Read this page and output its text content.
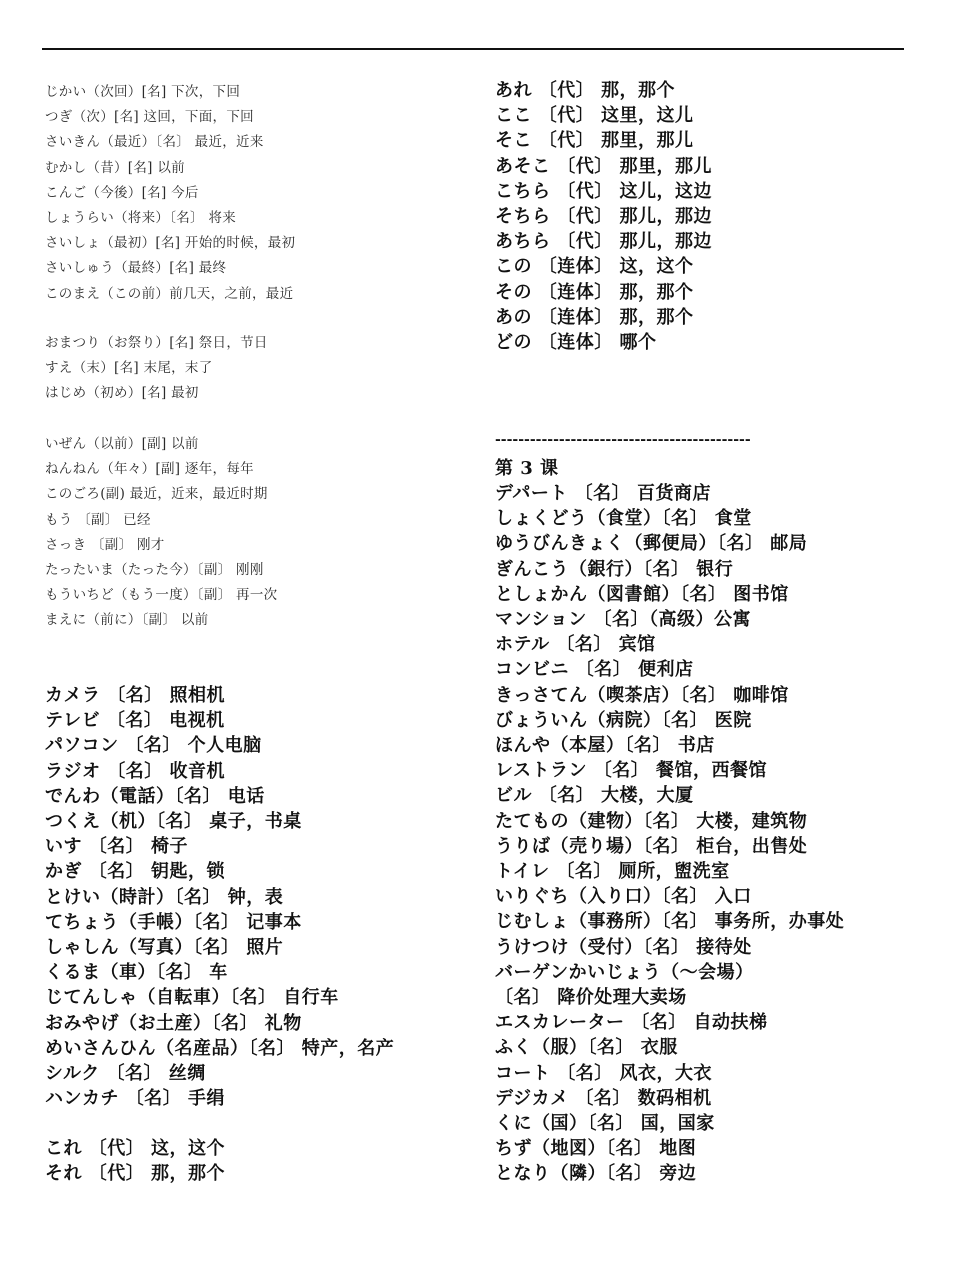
じかい（次回）[名] 下次，下回
つぎ（次）[名] 这回，下面，下回
さいきん（最近）〔名〕 最近，近来
むかし（昔）[名] 以前
こんご（今後）[名] 今后
しょうらい（将来）〔名〕 将来
さいしょ（最初）[名] 开始的时候，最初
さいしゅう（最終）[名] 最终
このまえ（この前）前几天，之前，最近
おまつり（お祭り）[名] 祭日，节日
すえ（末）[名] 末尾，末了
はじめ（初め）[名] 最初
いぜん（以前）[副] 以前
ねんねん（年々）[副] 逐年，每年
このごろ(副) 最近，近来，最近时期
もう 〔副〕 已经
さっき 〔副〕 刚才
たったいま（たった今）〔副〕 刚刚
もういちど（もう一度）〔副〕 再一次
まえに（前に）〔副〕 以前
カメラ 〔名〕 照相机
テレビ 〔名〕 电视机
パソコン 〔名〕 个人电脑
ラジオ 〔名〕 收音机
でんわ（電話）〔名〕 电话
つくえ（机）〔名〕 桌子，书桌
いす 〔名〕 椅子
かぎ 〔名〕 钥匙，锁
とけい（時計）〔名〕 钟，表
てちょう（手帳）〔名〕 记事本
しゃしん（写真）〔名〕 照片
くるま（車）〔名〕 车
じてんしゃ（自転車）〔名〕 自行车
おみやげ（お土産）〔名〕 礼物
めいさんひん（名産品）〔名〕 特产，名产
シルク 〔名〕 丝绸
ハンカチ 〔名〕 手绢
これ 〔代〕 这，这个
それ 〔代〕 那，那个
あれ 〔代〕 那，那个
ここ 〔代〕 这里，这儿
そこ 〔代〕 那里，那儿
あそこ 〔代〕 那里，那儿
こちら 〔代〕 这儿，这边
そちら 〔代〕 那儿，那边
あちら 〔代〕 那儿，那边
この 〔连体〕 这，这个
その 〔连体〕 那，那个
あの 〔连体〕 那，那个
どの 〔连体〕 哪个
デパート 〔名〕 百货商店
しょくどう（食堂）〔名〕 食堂
ゆうびんきょく（郵便局）〔名〕 邮局
ぎんこう（銀行）〔名〕 银行
としょかん（図書館）〔名〕 图书馆
マンション 〔名〕（高级）公寓
ホテル 〔名〕 宾馆
コンビニ 〔名〕 便利店
きっさてん（喫茶店）〔名〕 咖啡馆
びょういん（病院）〔名〕 医院
ほんや（本屋）〔名〕 书店
レストラン 〔名〕 餐馆，西餐馆
ビル 〔名〕 大楼，大厦
たてもの（建物）〔名〕 大楼，建筑物
うりば（売り場）〔名〕 柜台，出售处
トイレ 〔名〕 厕所，盥洗室
いりぐち（入り口）〔名〕 入口
じむしょ（事務所）〔名〕 事务所，办事处
うけつけ（受付）〔名〕 接待处
バーゲンかいじょう（～会場）
〔名〕 降价处理大卖场
エスカレーター 〔名〕 自动扶梯
ふく（服）〔名〕 衣服
コート 〔名〕 风衣，大衣
デジカメ 〔名〕 数码相机
くに（国）〔名〕 国，国家
ちず（地図）〔名〕 地图
となり（隣）〔名〕 旁边
--------------------------------------------
第 3 课
